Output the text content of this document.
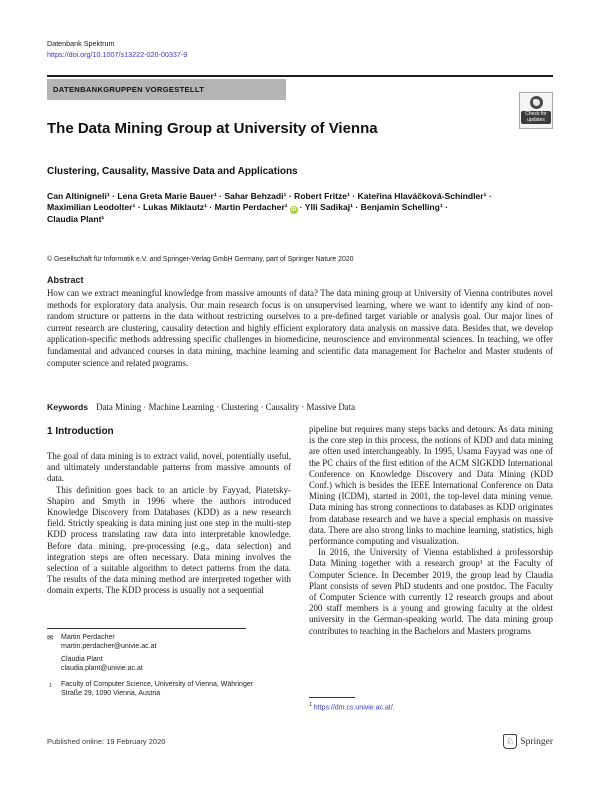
Datenbank Spektrum
https://doi.org/10.1007/s13222-020-00337-9
DATENBANKGRUPPEN VORGESTELLT
Check for updates
The Data Mining Group at University of Vienna
Clustering, Causality, Massive Data and Applications
Can Altinigneli¹ · Lena Greta Marie Bauer¹ · Sahar Behzadi¹ · Robert Fritze¹ · Kateřina Hlaváčková-Schindler¹ ·
Maximilian Leodolter¹ · Lukas Miklautz¹ · Martin Perdacher¹ iD · Ylli Sadikaj¹ · Benjamin Schelling¹ ·
Claudia Plant¹
© Gesellschaft für Informatik e.V. and Springer-Verlag GmbH Germany, part of Springer Nature 2020
Abstract
How can we extract meaningful knowledge from massive amounts of data? The data mining group at University of Vienna contributes novel methods for exploratory data analysis. Our main research focus is on unsupervised learning, where we want to identify any kind of non-random structure or patterns in the data without restricting ourselves to a pre-defined target variable or analysis goal. Our major lines of current research are clustering, causality detection and highly efficient exploratory data analysis on massive data. Besides that, we develop application-specific methods addressing specific challenges in biomedicine, neuroscience and environmental sciences. In teaching, we offer fundamental and advanced courses in data mining, machine learning and scientific data management for Bachelor and Master students of computer science and related programs.
Keywords Data Mining · Machine Learning · Clustering · Causality · Massive Data
1 Introduction

The goal of data mining is to extract valid, novel, potentially useful, and ultimately understandable patterns from massive amounts of data.

This definition goes back to an article by Fayyad, Piatetsky-Shapiro and Smyth in 1996 where the authors introduced Knowledge Discovery from Databases (KDD) as a new research field. Strictly speaking is data mining just one step in the multi-step KDD process translating raw data into interpretable knowledge. Before data mining, pre-processing (e.g., data selection) and integration steps are often necessary. Data mining involves the selection of a suitable algorithm to detect patterns from the data. The results of the data mining method are interpreted together with domain experts. The KDD process is usually not a sequential

pipeline but requires many steps backs and detours. As data mining is the core step in this process, the notions of KDD and data mining are often used interchangeably. In 1995, Usama Fayyad was one of the PC chairs of the first edition of the ACM SIGKDD International Conference on Knowledge Discovery and Data Mining (KDD Conf.) which is besides the IEEE International Conference on Data Mining (ICDM), started in 2001, the top-level data mining venue. Data mining has strong connections to databases as KDD originates from database research and we have a special emphasis on massive data. There are also strong links to machine learning, statistics, high performance computing and visualization.

In 2016, the University of Vienna established a professorship Data Mining together with a research group¹ at the Faculty of Computer Science. In December 2019, the group lead by Claudia Plant consists of seven PhD students and one postdoc. The Faculty of Computer Science with currently 12 research groups and about 200 staff members is a young and growing faculty at the oldest university in the German-speaking world. The data mining group contributes to teaching in the Bachelors and Masters programs

✉ Martin Perdacher
martin.perdacher@univie.ac.at
Claudia Plant
claudia.plant@univie.ac.at
1 Faculty of Computer Science, University of Vienna, Währinger Straße 29, 1090 Vienna, Austria
$^1$ https://dm.cs.univie.ac.at/.
Published online: 19 February 2020	♘ Springer
